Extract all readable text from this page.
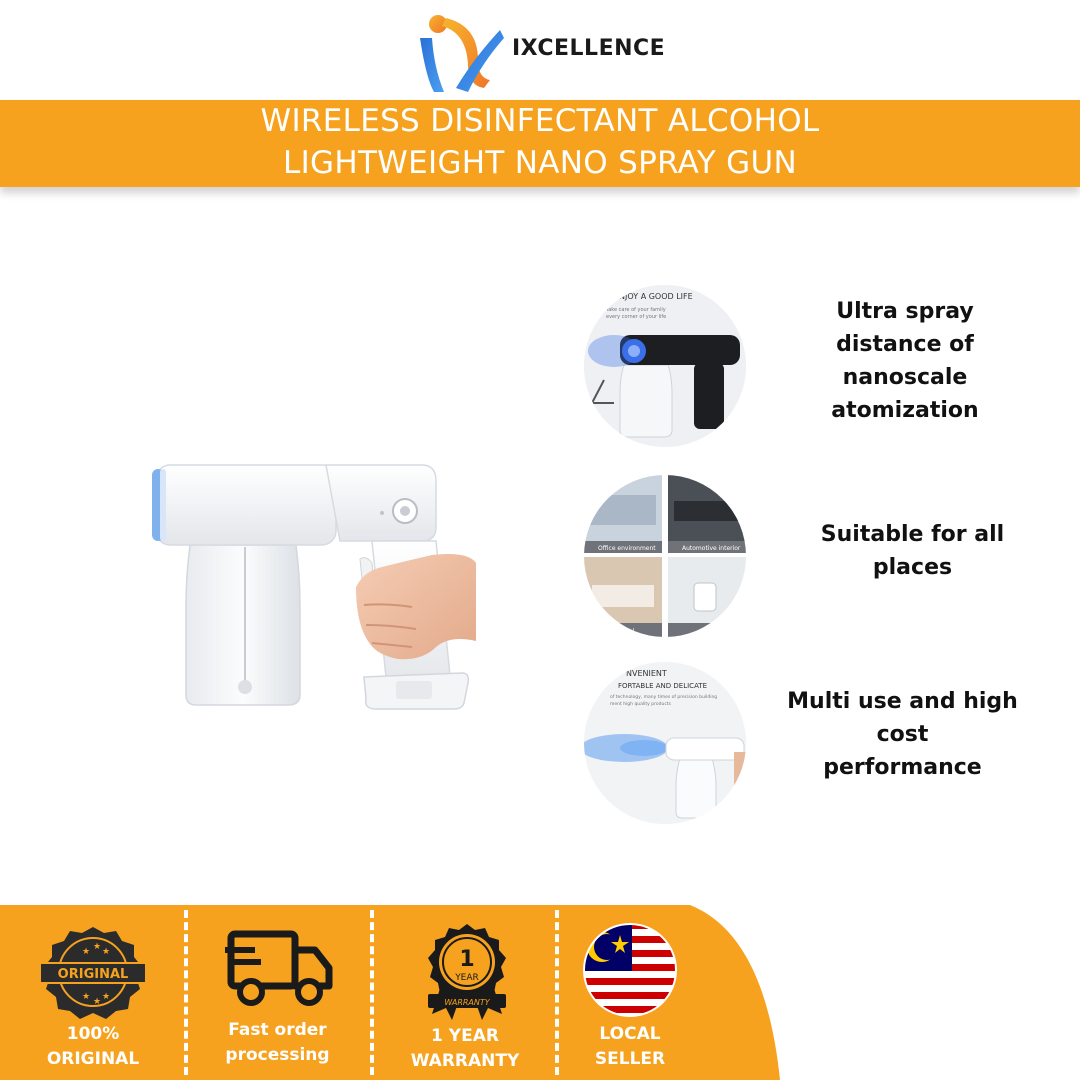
IXCELLENCE
WIRELESS DISINFECTANT ALCOHOL
LIGHTWEIGHT NANO SPRAY GUN
ENJOY A GOOD LIFE
Take care of your family
every corner of your life	Ultra spray
distance of
nanoscale
atomization
Office environment	Automotive interior
avel	To
Suitable for all
places
NVENIENT
FORTABLE AND DELICATE
of technology, many times of precision building
ment high quality products	Multi use and high cost
performance
★ ★ ★
ORIGINAL
★ ★ ★
100%
ORIGINAL
Fast order
processing
1
YEAR
WARRANTY
1 YEAR
WARRANTY
LOCAL
SELLER
